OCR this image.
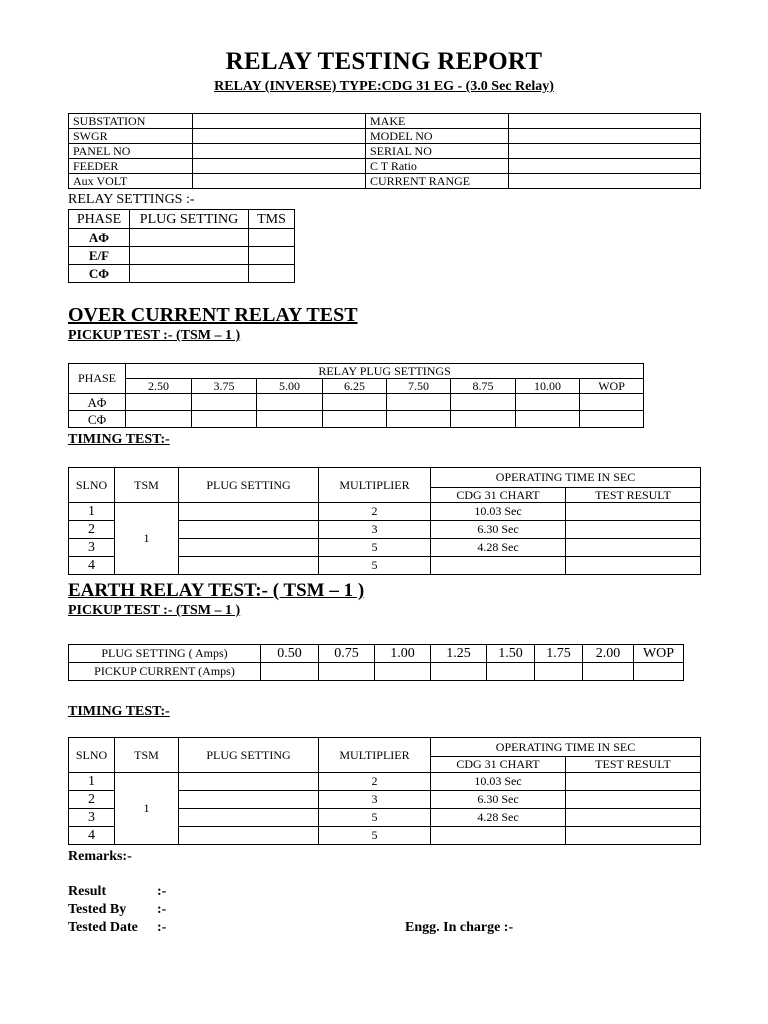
RELAY TESTING REPORT
RELAY (INVERSE) TYPE:CDG 31 EG - (3.0 Sec Relay)
SUBSTATION		MAKE	
SWGR		MODEL NO	
PANEL NO		SERIAL NO	
FEEDER		C T Ratio	
Aux VOLT		CURRENT RANGE	
RELAY SETTINGS :-
PHASE	PLUG SETTING	TMS
AΦ		
E/F		
CΦ		
OVER CURRENT RELAY TEST
PICKUP TEST :- (TSM – 1 )
PHASE	RELAY PLUG SETTINGS							
	2.50	3.75	5.00	6.25	7.50	8.75	10.00	WOP
AΦ								
CΦ								
TIMING TEST:-
SLNO	TSM	PLUG SETTING	MULTIPLIER	OPERATING TIME IN SEC	
				CDG 31 CHART	TEST RESULT
1	1		2	10.03 Sec	
2			3	6.30 Sec	
3			5	4.28 Sec	
4			5		
EARTH RELAY TEST:- ( TSM – 1 )
PICKUP TEST :- (TSM – 1 )
PLUG SETTING ( Amps)	0.50	0.75	1.00	1.25	1.50	1.75	2.00	WOP
PICKUP CURRENT (Amps)								
TIMING TEST:-
SLNO	TSM	PLUG SETTING	MULTIPLIER	OPERATING TIME IN SEC	
				CDG 31 CHART	TEST RESULT
1	1		2	10.03 Sec	
2			3	6.30 Sec	
3			5	4.28 Sec	
4			5		
Remarks:-
Result	:-
Tested By :-
Tested Date :-	Engg. In charge :-
